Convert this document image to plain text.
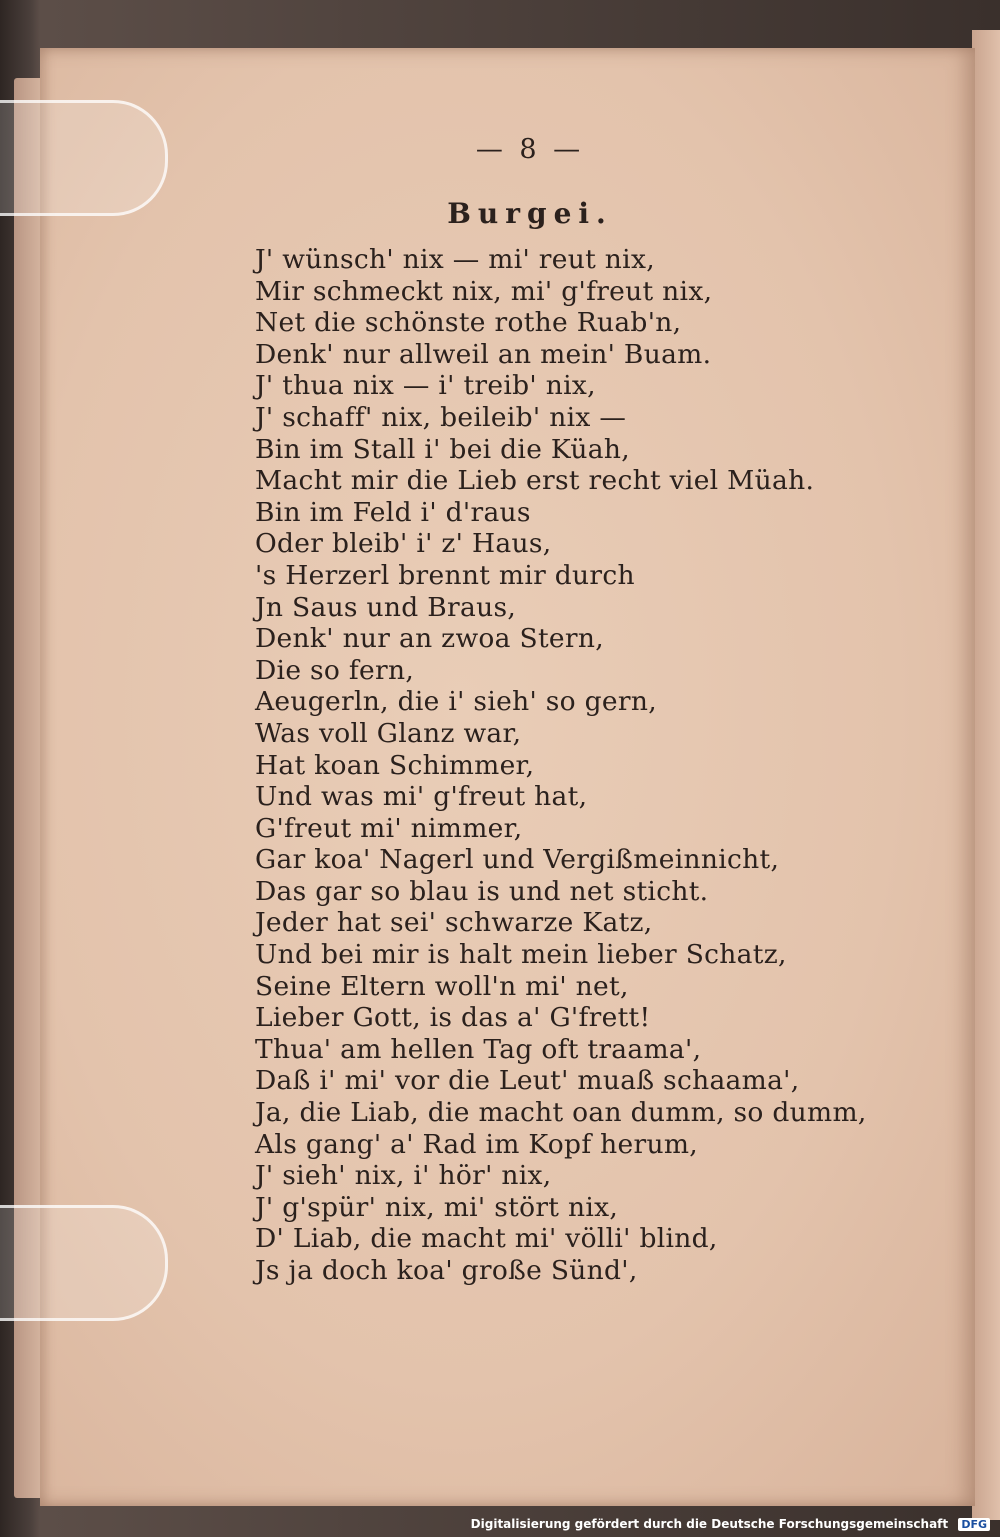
— 8 —
Burgei.
J' wünsch' nix — mi' reut nix,
Mir schmeckt nix, mi' g'freut nix,
Net die schönste rothe Ruab'n,
Denk' nur allweil an mein' Buam.
J' thua nix — i' treib' nix,
J' schaff' nix, beileib' nix —
Bin im Stall i' bei die Küah,
Macht mir die Lieb erst recht viel Müah.
Bin im Feld i' d'raus
Oder bleib' i' z' Haus,
's Herzerl brennt mir durch
Jn Saus und Braus,
Denk' nur an zwoa Stern,
Die so fern,
Aeugerln, die i' sieh' so gern,
Was voll Glanz war,
Hat koan Schimmer,
Und was mi' g'freut hat,
G'freut mi' nimmer,
Gar koa' Nagerl und Vergißmeinnicht,
Das gar so blau is und net sticht.
Jeder hat sei' schwarze Katz,
Und bei mir is halt mein lieber Schatz,
Seine Eltern woll'n mi' net,
Lieber Gott, is das a' G'frett!
Thua' am hellen Tag oft traama',
Daß i' mi' vor die Leut' muaß schaama',
Ja, die Liab, die macht oan dumm, so dumm,
Als gang' a' Rad im Kopf herum,
J' sieh' nix, i' hör' nix,
J' g'spür' nix, mi' stört nix,
D' Liab, die macht mi' völli' blind,
Js ja doch koa' große Sünd',
Digitalisierung gefördert durch die Deutsche Forschungsgemeinschaft DFG
